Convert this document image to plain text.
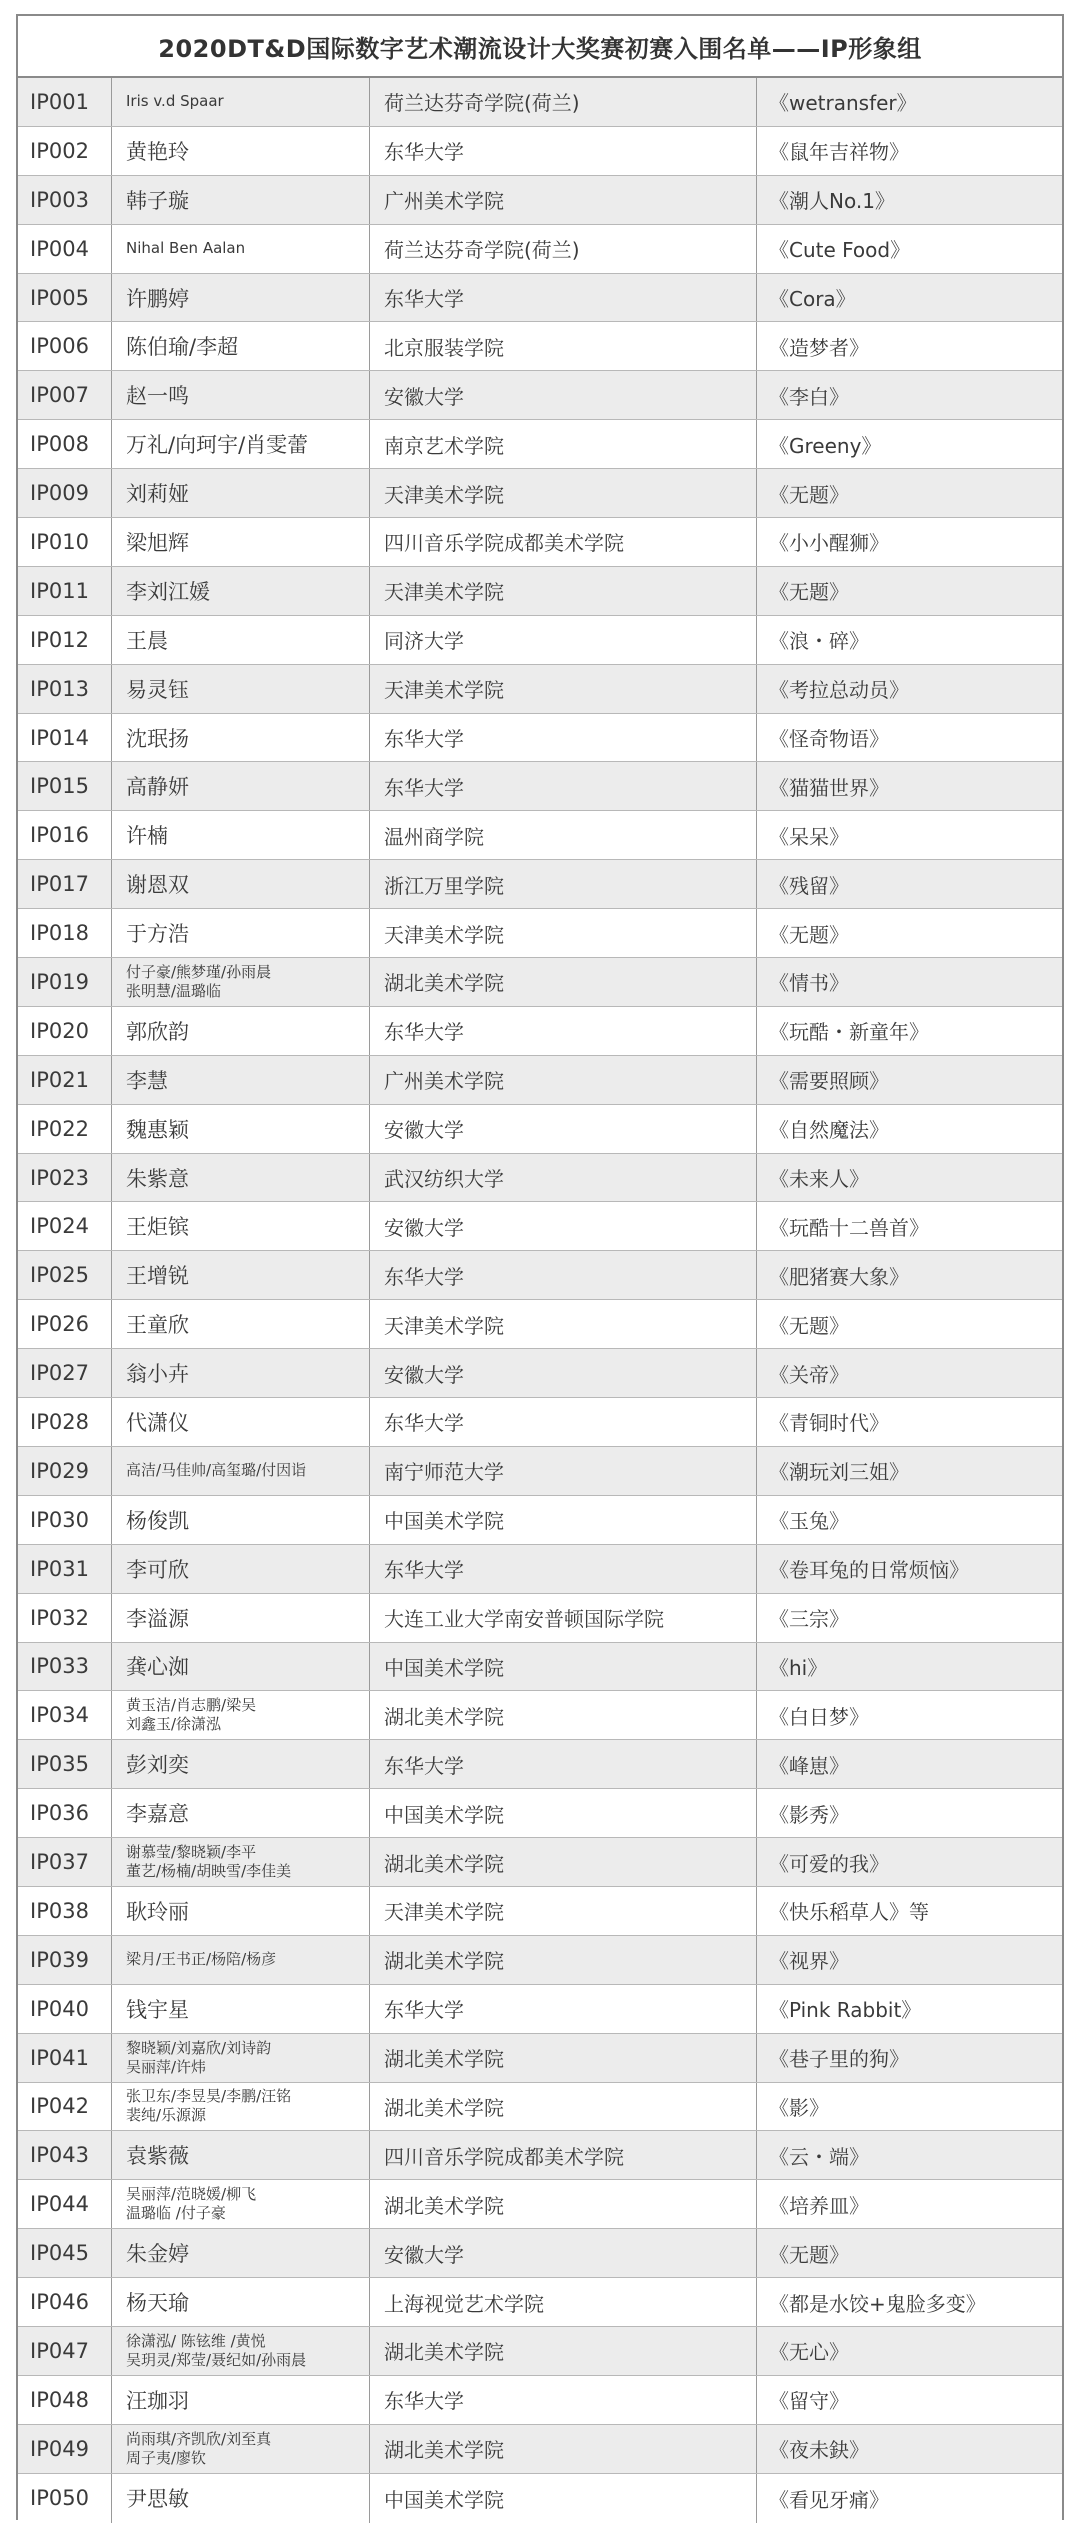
2020DT&D国际数字艺术潮流设计大奖赛初赛入围名单——IP形象组
IP001	Iris v.d Spaar	荷兰达芬奇学院(荷兰)	《wetransfer》
IP002	黄艳玲	东华大学	《鼠年吉祥物》
IP003	韩子璇	广州美术学院	《潮人No.1》
IP004	Nihal Ben Aalan	荷兰达芬奇学院(荷兰)	《Cute Food》
IP005	许鹏婷	东华大学	《Cora》
IP006	陈伯瑜/李超	北京服装学院	《造梦者》
IP007	赵一鸣	安徽大学	《李白》
IP008	万礼/向珂宇/肖雯蕾	南京艺术学院	《Greeny》
IP009	刘莉娅	天津美术学院	《无题》
IP010	梁旭辉	四川音乐学院成都美术学院	《小小醒狮》
IP011	李刘江媛	天津美术学院	《无题》
IP012	王晨	同济大学	《浪・碎》
IP013	易灵钰	天津美术学院	《考拉总动员》
IP014	沈珉扬	东华大学	《怪奇物语》
IP015	高静妍	东华大学	《猫猫世界》
IP016	许楠	温州商学院	《呆呆》
IP017	谢恩双	浙江万里学院	《残留》
IP018	于方浩	天津美术学院	《无题》
IP019	付子豪/熊梦瑾/孙雨晨
张明慧/温璐临	湖北美术学院	《情书》
IP020	郭欣韵	东华大学	《玩酷・新童年》
IP021	李慧	广州美术学院	《需要照顾》
IP022	魏惠颖	安徽大学	《自然魔法》
IP023	朱紫意	武汉纺织大学	《未来人》
IP024	王炬镔	安徽大学	《玩酷十二兽首》
IP025	王增锐	东华大学	《肥猪赛大象》
IP026	王童欣	天津美术学院	《无题》
IP027	翁小卉	安徽大学	《关帝》
IP028	代潇仪	东华大学	《青铜时代》
IP029	高洁/马佳帅/高玺璐/付因诣	南宁师范大学	《潮玩刘三姐》
IP030	杨俊凯	中国美术学院	《玉兔》
IP031	李可欣	东华大学	《卷耳兔的日常烦恼》
IP032	李溢源	大连工业大学南安普顿国际学院	《三宗》
IP033	龚心洳	中国美术学院	《hi》
IP034	黄玉洁/肖志鹏/梁吴
刘鑫玉/徐潇泓	湖北美术学院	《白日梦》
IP035	彭刘奕	东华大学	《峰崽》
IP036	李嘉意	中国美术学院	《影秀》
IP037	谢慕莹/黎晓颖/李平
董艺/杨楠/胡映雪/李佳美	湖北美术学院	《可爱的我》
IP038	耿玲丽	天津美术学院	《快乐稻草人》等
IP039	梁月/王书正/杨陪/杨彦	湖北美术学院	《视界》
IP040	钱宇星	东华大学	《Pink Rabbit》
IP041	黎晓颖/刘嘉欣/刘诗韵
吴丽萍/许炜	湖北美术学院	《巷子里的狗》
IP042	张卫东/李昱昊/李鹏/汪铭
裴纯/乐源源	湖北美术学院	《影》
IP043	袁紫薇	四川音乐学院成都美术学院	《云・端》
IP044	吴丽萍/范晓媛/柳飞
温璐临 /付子豪	湖北美术学院	《培养皿》
IP045	朱金婷	安徽大学	《无题》
IP046	杨天瑜	上海视觉艺术学院	《都是水饺+鬼脸多变》
IP047	徐潇泓/ 陈铉维 /黄悦
吴玥灵/郑莹/聂纪如/孙雨晨	湖北美术学院	《无心》
IP048	汪珈羽	东华大学	《留守》
IP049	尚雨琪/齐凯欣/刘至真
周子夷/廖钦	湖北美术学院	《夜未鈌》
IP050	尹思敏	中国美术学院	《看见牙痛》
